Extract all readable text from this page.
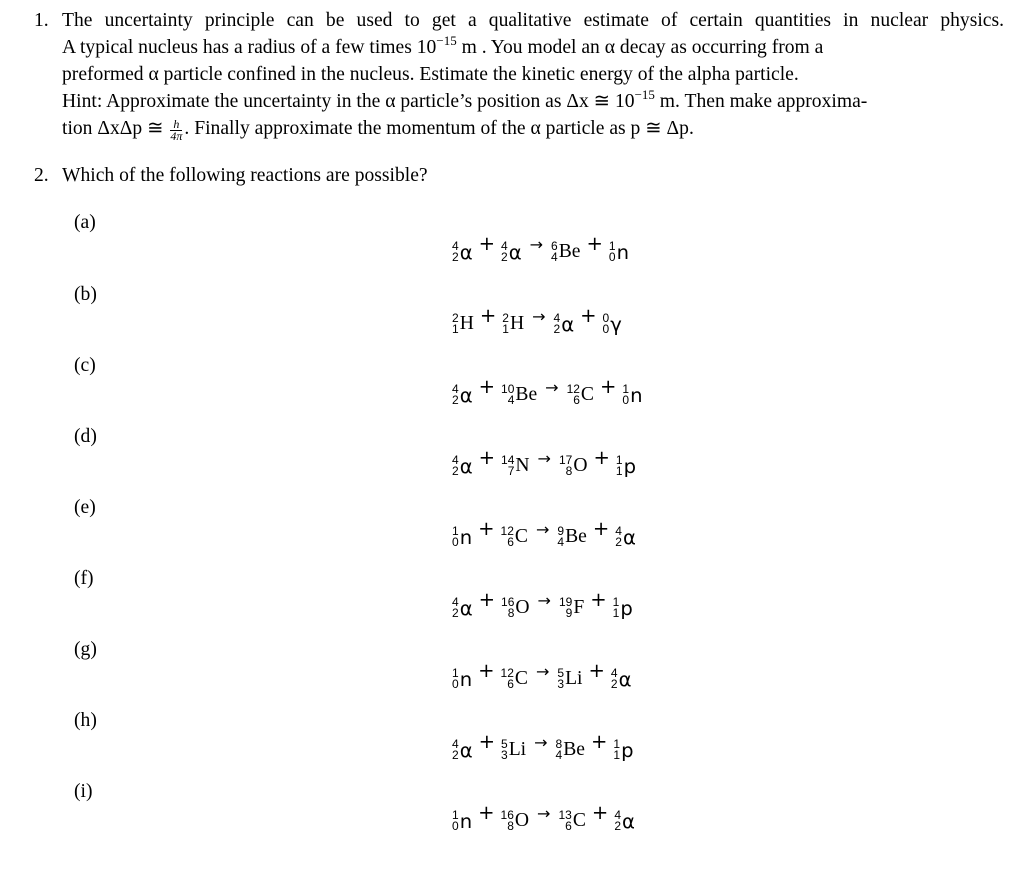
1. The uncertainty principle can be used to get a qualitative estimate of certain quantities in nuclear physics.
A typical nucleus has a radius of a few times $10^{-15}$ m . You model an α decay as occurring from a
preformed α particle confined in the nucleus. Estimate the kinetic energy of the alpha particle.
Hint: Approximate the uncertainty in the α particle’s position as Δx ≅ $10^{-15}$ m. Then make approxima-
tion ΔxΔp ≅ $\frac{h}{4\pi}$ . Finally approximate the momentum of the α particle as p ≅ Δp.
2. Which of the following reactions are possible?
(a)
4
2 α + 4
2 α → 6
4 Be + 1
0 n
(b)
2
1 H + 2
1 H → 4
2 α + 0
0 γ
(c)
4
2 α + 10
4 Be → 12
6 C + 1
0 n
(d)
4
2 α + 14
7 N → 17
8 O + 1
1 p
(e)
1
0 n + 12
6 C → 9
4 Be + 4
2 α
(f)
4
2 α + 16
8 O → 19
9 F + 1
1 p
(g)
1
0 n + 12
6 C → 5
3 Li + 4
2 α
(h)
4
2 α + 5
3 Li → 8
4 Be + 1
1 p
(i)
1
0 n + 16
8 O → 13
6 C + 4
2 α
